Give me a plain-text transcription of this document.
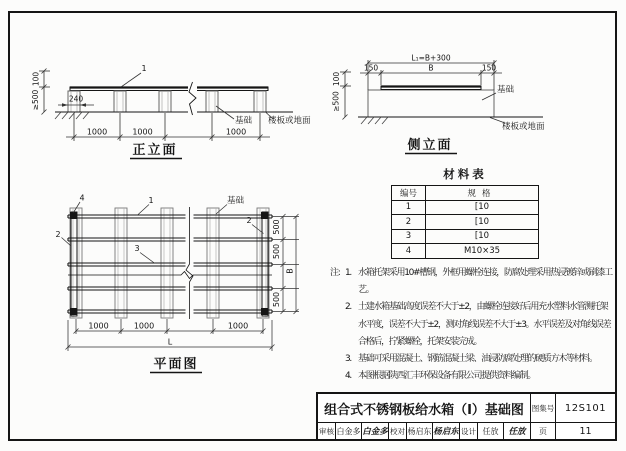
100
≥500	240
1
1000	1000	1000
基础 楼板或地面
正立面
L₁=B+300
150	B	150
100
≥500
基础
楼板或地面
侧立面
4	1	基础
2
2
3
500
500
500
B
1000	1000	1000
L
平面图
材料表
编号	规格
1	[10
2	[10
3	[10
4	M10×35
注: 1. 水箱托架采用10#槽钢，外框用螺栓连接，防腐处理采用热浸镀锌或刷漆工艺。
2. 土建水箱基础高度误差不大于±2，由螺栓连接好后用充水塑料水管测托架水平度，误差不大于±2，测对角线误差不大于±3。水平误差及对角线误差合格后，拧紧螺栓，托架安装完成。
3. 基础可采用混凝土、钢筋混凝土梁、油浸防腐处理的硬质方木等材料。
4. 本图根据陕西汇丰环保设备有限公司提供资料编制。
组合式不锈钢板给水箱（Ⅰ）基础图	图集号	12S101
审核 白金多 白金多 校对 杨启东 杨启东 设计 任放	任放	页	11
